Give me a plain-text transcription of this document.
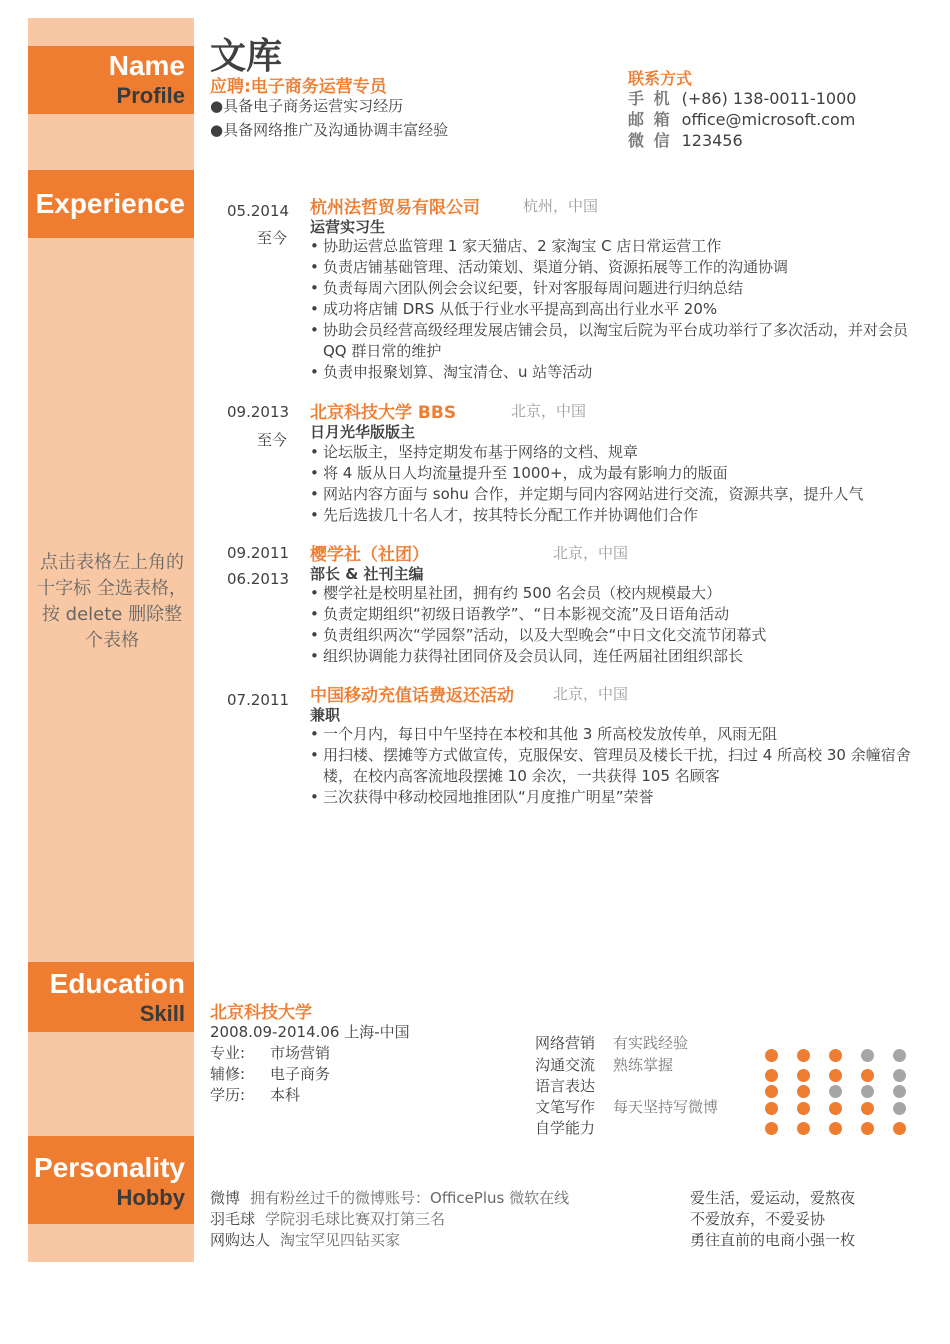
Name
Profile
Experience
点击表格左上角的 十字标 全选表格，按 delete 删除整个表格
Education
Skill
Personality
Hobby
文库
应聘:电子商务运营专员
●具备电子商务运营实习经历
●具备网络推广及沟通协调丰富经验
联系方式
手 机 (+86) 138-0011-1000
邮 箱 office@microsoft.com
微 信 123456
05.2014
至今
杭州法哲贸易有限公司	杭州，中国
运营实习生
• 协助运营总监管理 1 家天猫店、2 家淘宝 C 店日常运营工作
• 负责店铺基础管理、活动策划、渠道分销、资源拓展等工作的沟通协调
• 负责每周六团队例会会议纪要，针对客服每周问题进行归纳总结
• 成功将店铺 DRS 从低于行业水平提高到高出行业水平 20%
• 协助会员经营高级经理发展店铺会员，以淘宝后院为平台成功举行了多次活动，并对会员 QQ 群日常的维护
• 负责申报聚划算、淘宝清仓、u 站等活动
09.2013
至今
北京科技大学 BBS	北京，中国
日月光华版版主
• 论坛版主，坚持定期发布基于网络的文档、规章
• 将 4 版从日人均流量提升至 1000+，成为最有影响力的版面
• 网站内容方面与 sohu 合作，并定期与同内容网站进行交流，资源共享，提升人气
• 先后选拔几十名人才，按其特长分配工作并协调他们合作
09.2011
06.2013
樱学社（社团）	北京，中国
部长 & 社刊主编
• 樱学社是校明星社团，拥有约 500 名会员（校内规模最大）
• 负责定期组织“初级日语教学”、“日本影视交流”及日语角活动
• 负责组织两次“学园祭”活动，以及大型晚会“中日文化交流节闭幕式
• 组织协调能力获得社团同侪及会员认同，连任两届社团组织部长
07.2011 中国移动充值话费返还活动	北京，中国
兼职
• 一个月内，每日中午坚持在本校和其他 3 所高校发放传单，风雨无阻
• 用扫楼、摆摊等方式做宣传，克服保安、管理员及楼长干扰，扫过 4 所高校 30 余幢宿舍楼，在校内高客流地段摆摊 10 余次，一共获得 105 名顾客
• 三次获得中移动校园地推团队“月度推广明星”荣誉
北京科技大学
2008.09-2014.06 上海-中国
专业: 市场营销
辅修: 电子商务
学历: 本科
网络营销 有实践经验
沟通交流 熟练掌握
语言表达
文笔写作 每天坚持写微博
自学能力
微博 拥有粉丝过千的微博账号：OfficePlus 微软在线
羽毛球 学院羽毛球比赛双打第三名
网购达人 淘宝罕见四钻买家
爱生活，爱运动，爱熬夜
不爱放弃，不爱妥协
勇往直前的电商小强一枚
